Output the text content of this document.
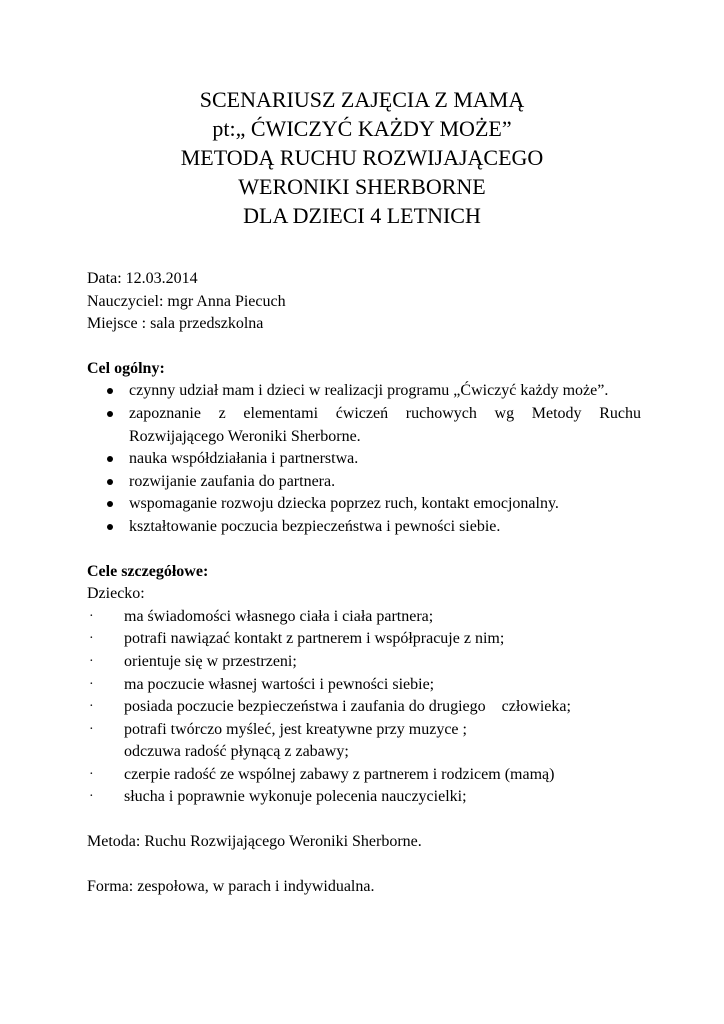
SCENARIUSZ ZAJĘCIA Z MAMĄ
pt:„ ĆWICZYĆ KAŻDY MOŻE”
METODĄ RUCHU ROZWIJAJĄCEGO
WERONIKI SHERBORNE
DLA DZIECI 4 LETNICH

Data: 12.03.2014

Nauczyciel: mgr Anna Piecuch

Miejsce : sala przedszkolna

Cel ogólny:

czynny udział mam i dzieci w realizacji programu „Ćwiczyć każdy może”.
zapoznanie z elementami ćwiczeń ruchowych wg Metody Ruchu Rozwijającego Weroniki Sherborne.
nauka współdziałania i partnerstwa.
rozwijanie zaufania do partnera.
wspomaganie rozwoju dziecka poprzez ruch, kontakt emocjonalny.
kształtowanie poczucia bezpieczeństwa i pewności siebie.

Cele szczegółowe:

Dziecko:

· ma świadomości własnego ciała i ciała partnera;
· potrafi nawiązać kontakt z partnerem i współpracuje z nim;
· orientuje się w przestrzeni;
· ma poczucie własnej wartości i pewności siebie;
· posiada poczucie bezpieczeństwa i zaufania do drugiego    człowieka;
· potrafi twórczo myśleć, jest kreatywne przy muzyce ;
odczuwa radość płynącą z zabawy;
· czerpie radość ze wspólnej zabawy z partnerem i rodzicem (mamą)
· słucha i poprawnie wykonuje polecenia nauczycielki;

Metoda: Ruchu Rozwijającego Weroniki Sherborne.

Forma: zespołowa, w parach i indywidualna.
